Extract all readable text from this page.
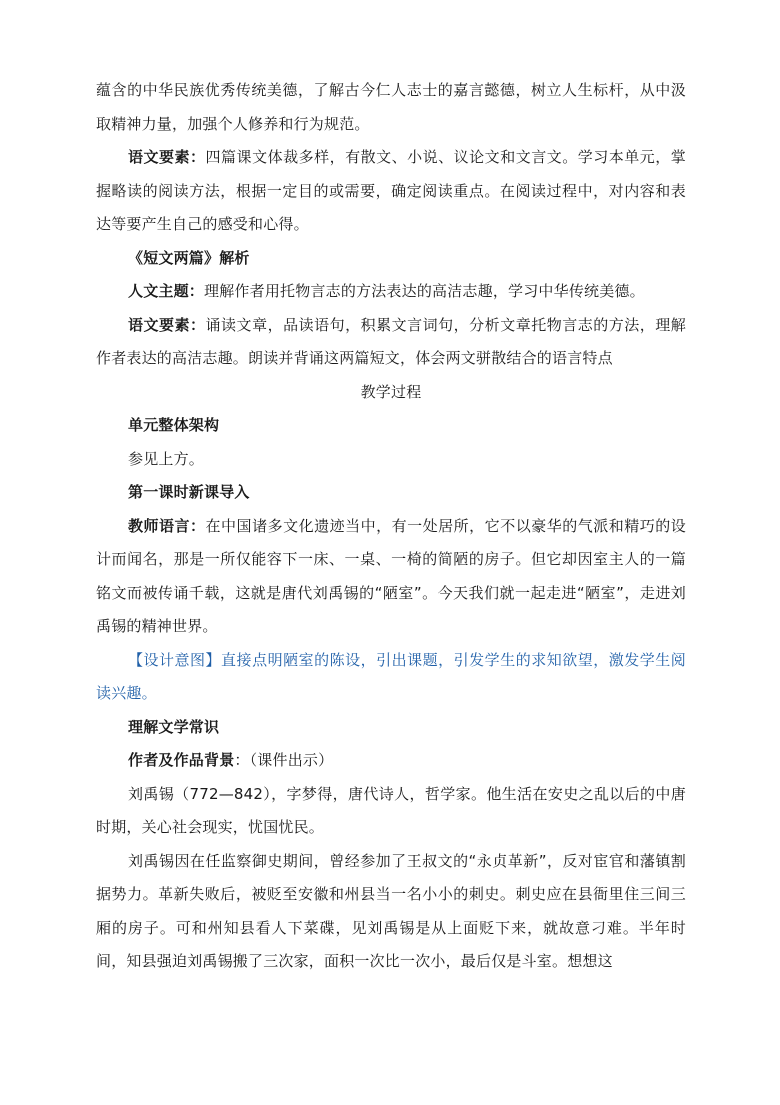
蕴含的中华民族优秀传统美德，了解古今仁人志士的嘉言懿德，树立人生标杆，从中汲取精神力量，加强个人修养和行为规范。

语文要素：四篇课文体裁多样，有散文、小说、议论文和文言文。学习本单元，掌握略读的阅读方法，根据一定目的或需要，确定阅读重点。在阅读过程中，对内容和表达等要产生自己的感受和心得。

《短文两篇》解析

人文主题：理解作者用托物言志的方法表达的高洁志趣，学习中华传统美德。

语文要素：诵读文章，品读语句，积累文言词句，分析文章托物言志的方法，理解作者表达的高洁志趣。朗读并背诵这两篇短文，体会两文骈散结合的语言特点

教学过程

单元整体架构

参见上方。

第一课时新课导入

教师语言：在中国诸多文化遗迹当中，有一处居所，它不以豪华的气派和精巧的设计而闻名，那是一所仅能容下一床、一桌、一椅的简陋的房子。但它却因室主人的一篇铭文而被传诵千载，这就是唐代刘禹锡的“陋室”。今天我们就一起走进“陋室”，走进刘禹锡的精神世界。

【设计意图】直接点明陋室的陈设，引出课题，引发学生的求知欲望，激发学生阅读兴趣。

理解文学常识

作者及作品背景：（课件出示）

刘禹锡（772—842），字梦得，唐代诗人，哲学家。他生活在安史之乱以后的中唐时期，关心社会现实，忧国忧民。

刘禹锡因在任监察御史期间，曾经参加了王叔文的“永贞革新”，反对宦官和藩镇割据势力。革新失败后，被贬至安徽和州县当一名小小的刺史。刺史应在县衙里住三间三厢的房子。可和州知县看人下菜碟，见刘禹锡是从上面贬下来，就故意刁难。半年时间，知县强迫刘禹锡搬了三次家，面积一次比一次小，最后仅是斗室。想想这
